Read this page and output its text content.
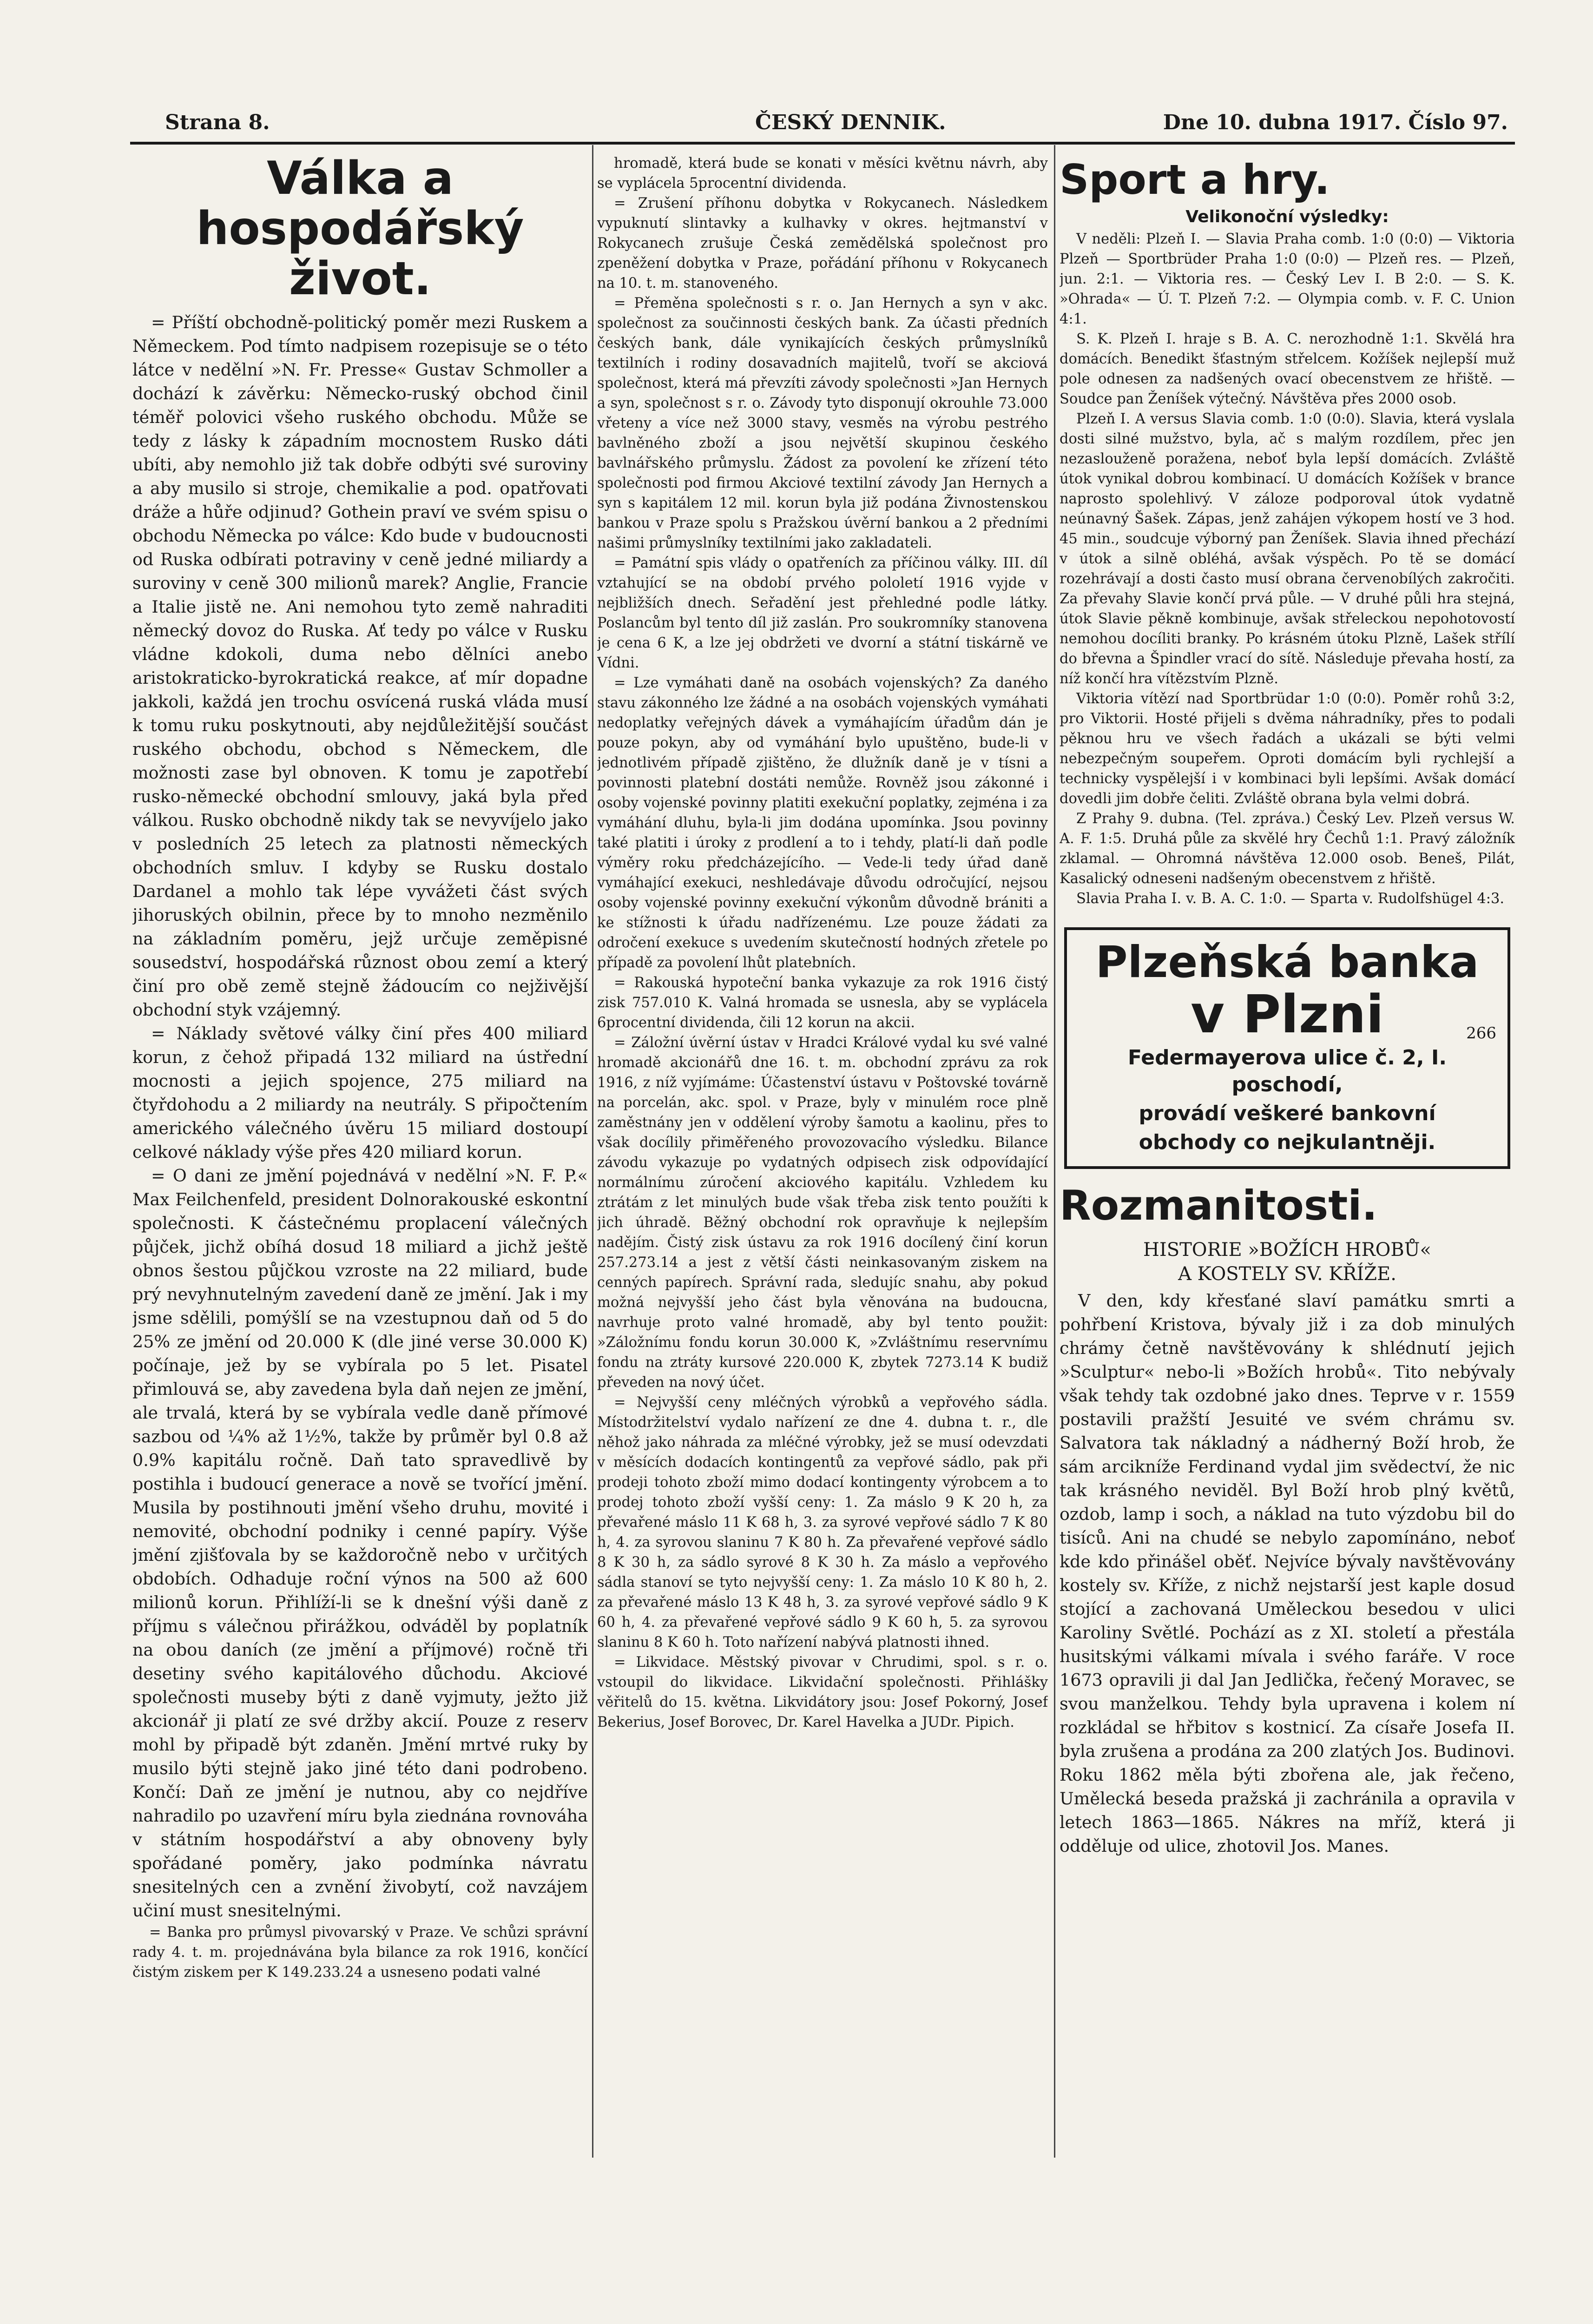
Strana 8.	ČESKÝ DENNIK.	Dne 10. dubna 1917. Číslo 97.
Válka a hospodářský život.

= Příští obchodně-politický poměr mezi Ruskem a Německem. Pod tímto nadpisem rozepisuje se o této látce v nedělní »N. Fr. Presse« Gustav Schmoller a dochází k závěrku: Německo-ruský obchod činil téměř polovici všeho ruského obchodu. Může se tedy z lásky k západním mocnostem Rusko dáti ubíti, aby nemohlo již tak dobře odbýti své suroviny a aby musilo si stroje, chemikalie a pod. opatřovati dráže a hůře odjinud? Gothein praví ve svém spisu o obchodu Německa po válce: Kdo bude v budoucnosti od Ruska odbírati potraviny v ceně jedné miliardy a suroviny v ceně 300 milionů marek? Anglie, Francie a Italie jistě ne. Ani nemohou tyto země nahraditi německý dovoz do Ruska. Ať tedy po válce v Rusku vládne kdokoli, duma nebo dělníci anebo aristokraticko-byrokratická reakce, ať mír dopadne jakkoli, každá jen trochu osvícená ruská vláda musí k tomu ruku poskytnouti, aby nejdůležitější součást ruského obchodu, obchod s Německem, dle možnosti zase byl obnoven. K tomu je zapotřebí rusko-německé obchodní smlouvy, jaká byla před válkou. Rusko obchodně nikdy tak se nevyvíjelo jako v posledních 25 letech za platnosti německých obchodních smluv. I kdyby se Rusku dostalo Dardanel a mohlo tak lépe vyvážeti část svých jihoruských obilnin, přece by to mnoho nezměnilo na základním poměru, jejž určuje zeměpisné sousedství, hospodářská různost obou zemí a který činí pro obě země stejně žádoucím co nejživější obchodní styk vzájemný.

= Náklady světové války činí přes 400 miliard korun, z čehož připadá 132 miliard na ústřední mocnosti a jejich spojence, 275 miliard na čtyřdohodu a 2 miliardy na neutrály. S připočtením amerického válečného úvěru 15 miliard dostoupí celkové náklady výše přes 420 miliard korun.

= O dani ze jmění pojednává v nedělní »N. F. P.« Max Feilchenfeld, president Dolnorakouské eskontní společnosti. K částečnému proplacení válečných půjček, jichž obíhá dosud 18 miliard a jichž ještě obnos šestou půjčkou vzroste na 22 miliard, bude prý nevyhnutelným zavedení daně ze jmění. Jak i my jsme sdělili, pomýšlí se na vzestupnou daň od 5 do 25% ze jmění od 20.000 K (dle jiné verse 30.000 K) počínaje, jež by se vybírala po 5 let. Pisatel přimlouvá se, aby zavedena byla daň nejen ze jmění, ale trvalá, která by se vybírala vedle daně přímové sazbou od ¼% až 1½%, takže by průměr byl 0.8 až 0.9% kapitálu ročně. Daň tato spravedlivě by postihla i budoucí generace a nově se tvořící jmění. Musila by postihnouti jmění všeho druhu, movité i nemovité, obchodní podniky i cenné papíry. Výše jmění zjišťovala by se každoročně nebo v určitých obdobích. Odhaduje roční výnos na 500 až 600 milionů korun. Přihlíží-li se k dnešní výši daně z příjmu s válečnou přirážkou, odváděl by poplatník na obou daních (ze jmění a příjmové) ročně tři desetiny svého kapitálového důchodu. Akciové společnosti museby býti z daně vyjmuty, ježto již akcionář ji platí ze své držby akcií. Pouze z reserv mohl by připadě být zdaněn. Jmění mrtvé ruky by musilo býti stejně jako jiné této dani podrobeno. Končí: Daň ze jmění je nutnou, aby co nejdříve nahradilo po uzavření míru byla ziednána rovnováha v státním hospodářství a aby obnoveny byly spořádané poměry, jako podmínka návratu snesitelných cen a zvnění živobytí, což navzájem učiní must snesitelnými.

= Banka pro průmysl pivovarský v Praze. Ve schůzi správní rady 4. t. m. projednávána byla bilance za rok 1916, končící čistým ziskem per K 149.233.24 a usneseno podati valné

hromadě, která bude se konati v měsíci květnu návrh, aby se vyplácela 5procentní dividenda.

= Zrušení příhonu dobytka v Rokycanech. Následkem vypuknutí slintavky a kulhavky v okres. hejtmanství v Rokycanech zrušuje Česká zemědělská společnost pro zpeněžení dobytka v Praze, pořádání příhonu v Rokycanech na 10. t. m. stanoveného.

= Přeměna společnosti s r. o. Jan Hernych a syn v akc. společnost za součinnosti českých bank. Za účasti předních českých bank, dále vynikajících českých průmyslníků textilních i rodiny dosavadních majitelů, tvoří se akciová společnost, která má převzíti závody společnosti »Jan Hernych a syn, společnost s r. o. Závody tyto disponují okrouhle 73.000 vřeteny a více než 3000 stavy, vesměs na výrobu pestrého bavlněného zboží a jsou největší skupinou českého bavlnářského průmyslu. Žádost za povolení ke zřízení této společnosti pod firmou Akciové textilní závody Jan Hernych a syn s kapitálem 12 mil. korun byla již podána Živnostenskou bankou v Praze spolu s Pražskou úvěrní bankou a 2 předními našimi průmyslníky textilními jako zakladateli.

= Památní spis vlády o opatřeních za příčinou války. III. díl vztahující se na období prvého pololetí 1916 vyjde v nejbližších dnech. Seřadění jest přehledné podle látky. Poslancům byl tento díl již zaslán. Pro soukromníky stanovena je cena 6 K, a lze jej obdržeti ve dvorní a státní tiskárně ve Vídni.

= Lze vymáhati daně na osobách vojenských? Za daného stavu zákonného lze žádné a na osobách vojenských vymáhati nedoplatky veřejných dávek a vymáhajícím úřadům dán je pouze pokyn, aby od vymáhání bylo upuštěno, bude-li v jednotlivém případě zjištěno, že dlužník daně je v tísni a povinnosti platební dostáti nemůže. Rovněž jsou zákonné i osoby vojenské povinny platiti exekuční poplatky, zejména i za vymáhání dluhu, byla-li jim dodána upomínka. Jsou povinny také platiti i úroky z prodlení a to i tehdy, platí-li daň podle výměry roku předcházejícího. — Vede-li tedy úřad daně vymáhající exekuci, neshledávaje důvodu odročující, nejsou osoby vojenské povinny exekuční výkonům důvodně brániti a ke stížnosti k úřadu nadřízenému. Lze pouze žádati za odročení exekuce s uvedením skutečností hodných zřetele po případě za povolení lhůt platebních.

= Rakouská hypoteční banka vykazuje za rok 1916 čistý zisk 757.010 K. Valná hromada se usnesla, aby se vyplácela 6procentní dividenda, čili 12 korun na akcii.

= Záložní úvěrní ústav v Hradci Králové vydal ku své valné hromadě akcionářů dne 16. t. m. obchodní zprávu za rok 1916, z níž vyjímáme: Účastenství ústavu v Poštovské továrně na porcelán, akc. spol. v Praze, byly v minulém roce plně zaměstnány jen v oddělení výroby šamotu a kaolinu, přes to však docílily přiměřeného provozovacího výsledku. Bilance závodu vykazuje po vydatných odpisech zisk odpovídající normálnímu zúročení akciového kapitálu. Vzhledem ku ztrátám z let minulých bude však třeba zisk tento použíti k jich úhradě. Běžný obchodní rok opravňuje k nejlepším nadějím. Čistý zisk ústavu za rok 1916 docílený činí korun 257.273.14 a jest z větší části neinkasovaným ziskem na cenných papírech. Správní rada, sledujíc snahu, aby pokud možná nejvyšší jeho část byla věnována na budoucna, navrhuje proto valné hromadě, aby byl tento použit: »Záložnímu fondu korun 30.000 K, »Zvláštnímu reservnímu fondu na ztráty kursové 220.000 K, zbytek 7273.14 K budiž převeden na nový účet.

= Nejvyšší ceny mléčných výrobků a vepřového sádla. Místodržitelství vydalo nařízení ze dne 4. dubna t. r., dle něhož jako náhrada za mléčné výrobky, jež se musí odevzdati v měsících dodacích kontingentů za vepřové sádlo, pak při prodeji tohoto zboží mimo dodací kontingenty výrobcem a to prodej tohoto zboží vyšší ceny: 1. Za máslo 9 K 20 h, za převařené máslo 11 K 68 h, 3. za syrové vepřové sádlo 7 K 80 h, 4. za syrovou slaninu 7 K 80 h. Za převařené vepřové sádlo 8 K 30 h, za sádlo syrové 8 K 30 h. Za máslo a vepřového sádla stanoví se tyto nejvyšší ceny: 1. Za máslo 10 K 80 h, 2. za převařené máslo 13 K 48 h, 3. za syrové vepřové sádlo 9 K 60 h, 4. za převařené vepřové sádlo 9 K 60 h, 5. za syrovou slaninu 8 K 60 h. Toto nařízení nabývá platnosti ihned.

= Likvidace. Městský pivovar v Chrudimi, spol. s r. o. vstoupil do likvidace. Likvidační společnosti. Přihlášky věřitelů do 15. května. Likvidátory jsou: Josef Pokorný, Josef Bekerius, Josef Borovec, Dr. Karel Havelka a JUDr. Pipich.

Sport a hry.
Velikonoční výsledky:

V neděli: Plzeň I. — Slavia Praha comb. 1:0 (0:0) — Viktoria Plzeň — Sportbrüder Praha 1:0 (0:0) — Plzeň res. — Plzeň, jun. 2:1. — Viktoria res. — Český Lev I. B 2:0. — S. K. »Ohrada« — Ú. T. Plzeň 7:2. — Olympia comb. v. F. C. Union 4:1.

S. K. Plzeň I. hraje s B. A. C. nerozhodně 1:1. Skvělá hra domácích. Benedikt šťastným střelcem. Kožíšek nejlepší muž pole odnesen za nadšených ovací obecenstvem ze hřiště. — Soudce pan Ženíšek výtečný. Návštěva přes 2000 osob.

Plzeň I. A versus Slavia comb. 1:0 (0:0). Slavia, která vyslala dosti silné mužstvo, byla, ač s malým rozdílem, přec jen nezaslouženě poražena, neboť byla lepší domácích. Zvláště útok vynikal dobrou kombinací. U domácích Kožíšek v brance naprosto spolehlivý. V záloze podporoval útok vydatně neúnavný Šašek. Zápas, jenž zahájen výkopem hostí ve 3 hod. 45 min., soudcuje výborný pan Ženíšek. Slavia ihned přechází v útok a silně obléhá, avšak výspěch. Po tě se domácí rozehrávají a dosti často musí obrana červenobílých zakročiti. Za převahy Slavie končí prvá půle. — V druhé půli hra stejná, útok Slavie pěkně kombinuje, avšak střeleckou nepohotovostí nemohou docíliti branky. Po krásném útoku Plzně, Lašek střílí do břevna a Špindler vrací do sítě. Následuje převaha hostí, za níž končí hra vítězstvím Plzně.

Viktoria vítězí nad Sportbrüdar 1:0 (0:0). Poměr rohů 3:2, pro Viktorii. Hosté přijeli s dvěma náhradníky, přes to podali pěknou hru ve všech řadách a ukázali se býti velmi nebezpečným soupeřem. Oproti domácím byli rychlejší a technicky vyspělejší i v kombinaci byli lepšími. Avšak domácí dovedli jim dobře čeliti. Zvláště obrana byla velmi dobrá.

Z Prahy 9. dubna. (Tel. zpráva.) Český Lev. Plzeň versus W. A. F. 1:5. Druhá půle za skvělé hry Čechů 1:1. Pravý záložník zklamal. — Ohromná návštěva 12.000 osob. Beneš, Pilát, Kasalický odneseni nadšeným obecenstvem z hřiště.

Slavia Praha I. v. B. A. C. 1:0. — Sparta v. Rudolfshügel 4:3.

Plzeňská banka
v Plzni	266
Federmayerova ulice č. 2, I. poschodí,
provádí veškeré bankovní
obchody co nejkulantněji.
Rozmanitosti.
HISTORIE »BOŽÍCH HROBŮ«
A KOSTELY SV. KŘÍŽE.

V den, kdy křesťané slaví památku smrti a pohřbení Kristova, bývaly již i za dob minulých chrámy četně navštěvovány k shlédnutí jejich »Sculptur« nebo-li »Božích hrobů«. Tito nebývaly však tehdy tak ozdobné jako dnes. Teprve v r. 1559 postavili pražští Jesuité ve svém chrámu sv. Salvatora tak nákladný a nádherný Boží hrob, že sám arcikníže Ferdinand vydal jim svědectví, že nic tak krásného neviděl. Byl Boží hrob plný květů, ozdob, lamp i soch, a náklad na tuto výzdobu bil do tisíců. Ani na chudé se nebylo zapomínáno, neboť kde kdo přinášel oběť. Nejvíce bývaly navštěvovány kostely sv. Kříže, z nichž nejstarší jest kaple dosud stojící a zachovaná Uměleckou besedou v ulici Karoliny Světlé. Pochází as z XI. století a přestála husitskými válkami mívala i svého faráře. V roce 1673 opravili ji dal Jan Jedlička, řečený Moravec, se svou manželkou. Tehdy byla upravena i kolem ní rozkládal se hřbitov s kostnicí. Za císaře Josefa II. byla zrušena a prodána za 200 zlatých Jos. Budinovi. Roku 1862 měla býti zbořena ale, jak řečeno, Umělecká beseda pražská ji zachránila a opravila v letech 1863—1865. Nákres na mříž, která ji odděluje od ulice, zhotovil Jos. Manes.
